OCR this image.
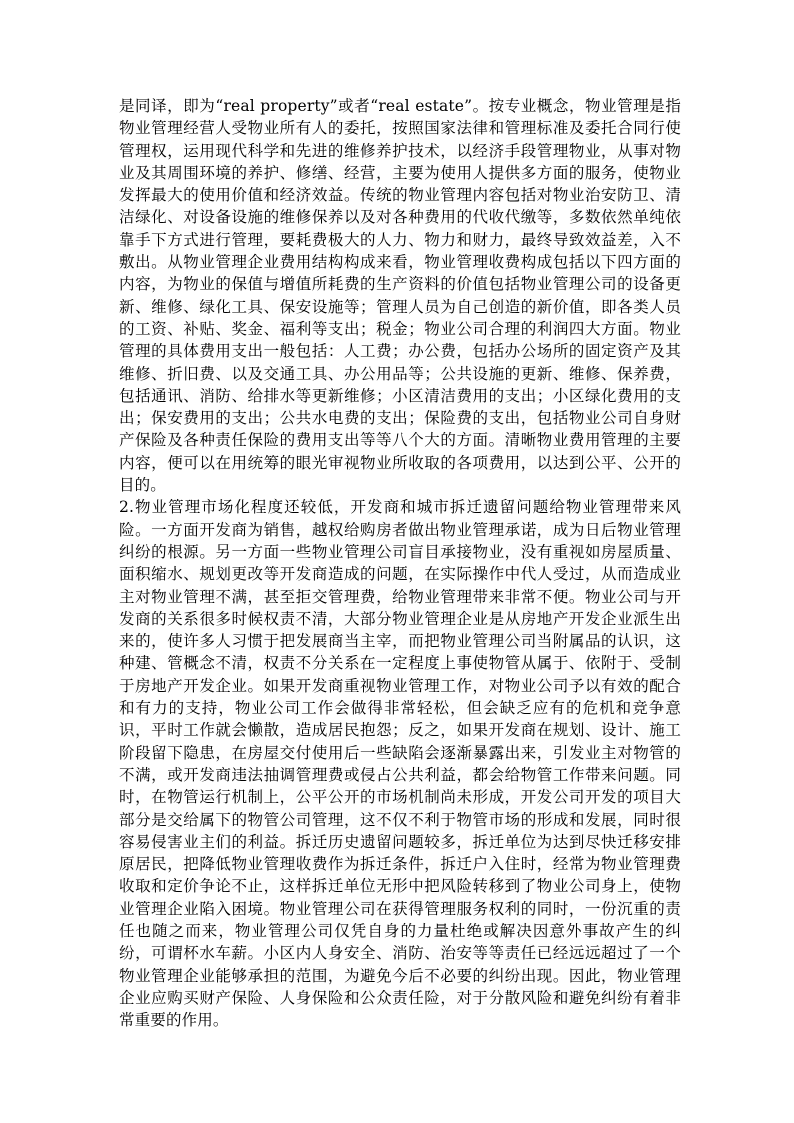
是同译，即为“real property”或者“real estate”。按专业概念，物业管理是指物业管理经营人受物业所有人的委托，按照国家法律和管理标准及委托合同行使管理权，运用现代科学和先进的维修养护技术，以经济手段管理物业，从事对物业及其周围环境的养护、修缮、经营，主要为使用人提供多方面的服务，使物业发挥最大的使用价值和经济效益。传统的物业管理内容包括对物业治安防卫、清洁绿化、对设备设施的维修保养以及对各种费用的代收代缴等，多数依然单纯依靠手下方式进行管理，要耗费极大的人力、物力和财力，最终导致效益差，入不敷出。从物业管理企业费用结构构成来看，物业管理收费构成包括以下四方面的内容，为物业的保值与增值所耗费的生产资料的价值包括物业管理公司的设备更新、维修、绿化工具、保安设施等；管理人员为自己创造的新价值，即各类人员的工资、补贴、奖金、福利等支出；税金；物业公司合理的利润四大方面。物业管理的具体费用支出一般包括：人工费；办公费，包括办公场所的固定资产及其维修、折旧费、以及交通工具、办公用品等；公共设施的更新、维修、保养费，包括通讯、消防、给排水等更新维修；小区清洁费用的支出；小区绿化费用的支出；保安费用的支出；公共水电费的支出；保险费的支出，包括物业公司自身财产保险及各种责任保险的费用支出等等八个大的方面。清晰物业费用管理的主要内容，便可以在用统筹的眼光审视物业所收取的各项费用，以达到公平、公开的目的。

2.物业管理市场化程度还较低，开发商和城市拆迁遗留问题给物业管理带来风险。一方面开发商为销售，越权给购房者做出物业管理承诺，成为日后物业管理纠纷的根源。另一方面一些物业管理公司盲目承接物业，没有重视如房屋质量、面积缩水、规划更改等开发商造成的问题，在实际操作中代人受过，从而造成业主对物业管理不满，甚至拒交管理费，给物业管理带来非常不便。物业公司与开发商的关系很多时候权责不清，大部分物业管理企业是从房地产开发企业派生出来的，使许多人习惯于把发展商当主宰，而把物业管理公司当附属品的认识，这种建、管概念不清，权责不分关系在一定程度上事使物管从属于、依附于、受制于房地产开发企业。如果开发商重视物业管理工作，对物业公司予以有效的配合和有力的支持，物业公司工作会做得非常轻松，但会缺乏应有的危机和竞争意识，平时工作就会懒散，造成居民抱怨；反之，如果开发商在规划、设计、施工阶段留下隐患，在房屋交付使用后一些缺陷会逐渐暴露出来，引发业主对物管的不满，或开发商违法抽调管理费或侵占公共利益，都会给物管工作带来问题。同时，在物管运行机制上，公平公开的市场机制尚未形成，开发公司开发的项目大部分是交给属下的物管公司管理，这不仅不利于物管市场的形成和发展，同时很容易侵害业主们的利益。拆迁历史遗留问题较多，拆迁单位为达到尽快迁移安排原居民，把降低物业管理收费作为拆迁条件，拆迁户入住时，经常为物业管理费收取和定价争论不止，这样拆迁单位无形中把风险转移到了物业公司身上，使物业管理企业陷入困境。物业管理公司在获得管理服务权利的同时，一份沉重的责任也随之而来，物业管理公司仅凭自身的力量杜绝或解决因意外事故产生的纠纷，可谓杯水车薪。小区内人身安全、消防、治安等等责任已经远远超过了一个物业管理企业能够承担的范围，为避免今后不必要的纠纷出现。因此，物业管理企业应购买财产保险、人身保险和公众责任险，对于分散风险和避免纠纷有着非常重要的作用。
